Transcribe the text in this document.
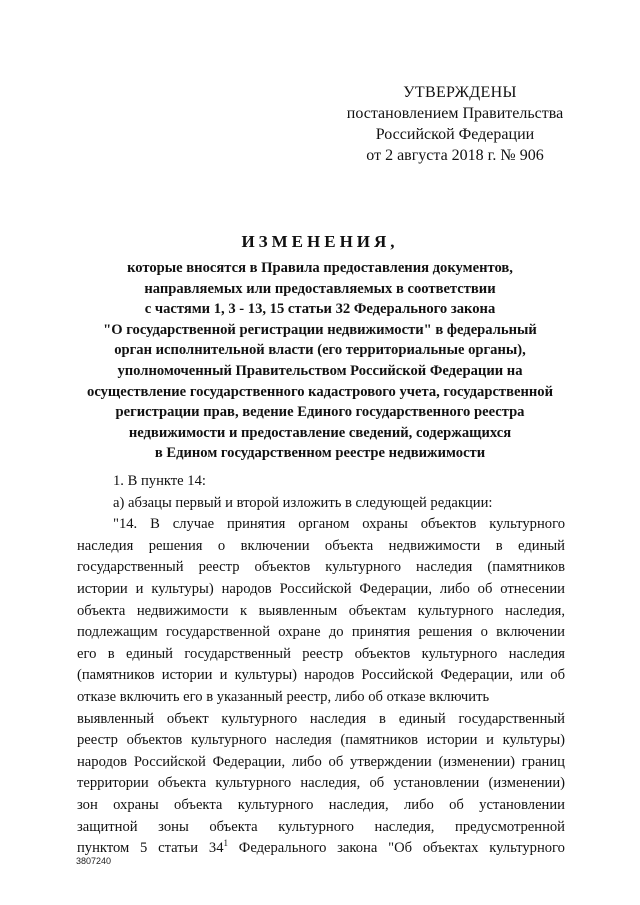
УТВЕРЖДЕНЫ
постановлением Правительства
Российской Федерации
от 2 августа 2018 г. № 906
ИЗМЕНЕНИЯ,
которые вносятся в Правила предоставления документов,
направляемых или предоставляемых в соответствии
с частями 1, 3 - 13, 15 статьи 32 Федерального закона
"О государственной регистрации недвижимости" в федеральный
орган исполнительной власти (его территориальные органы),
уполномоченный Правительством Российской Федерации на
осуществление государственного кадастрового учета, государственной
регистрации прав, ведение Единого государственного реестра
недвижимости и предоставление сведений, содержащихся
в Едином государственном реестре недвижимости
1. В пункте 14:
а) абзацы первый и второй изложить в следующей редакции:
"14. В случае принятия органом охраны объектов культурного
наследия решения о включении объекта недвижимости в единый
государственный реестр объектов культурного наследия (памятников
истории и культуры) народов Российской Федерации, либо об отнесении
объекта недвижимости к выявленным объектам культурного наследия,
подлежащим государственной охране до принятия решения о включении
его в единый государственный реестр объектов культурного наследия
(памятников истории и культуры) народов Российской Федерации, или об
отказе включить его в указанный реестр, либо об отказе включить
выявленный объект культурного наследия в единый государственный
реестр объектов культурного наследия (памятников истории и культуры)
народов Российской Федерации, либо об утверждении (изменении) границ
территории объекта культурного наследия, об установлении (изменении)
зон охраны объекта культурного наследия, либо об установлении
защитной зоны объекта культурного наследия, предусмотренной
пунктом 5 статьи $34^1$ Федерального закона "Об объектах культурного
3807240
